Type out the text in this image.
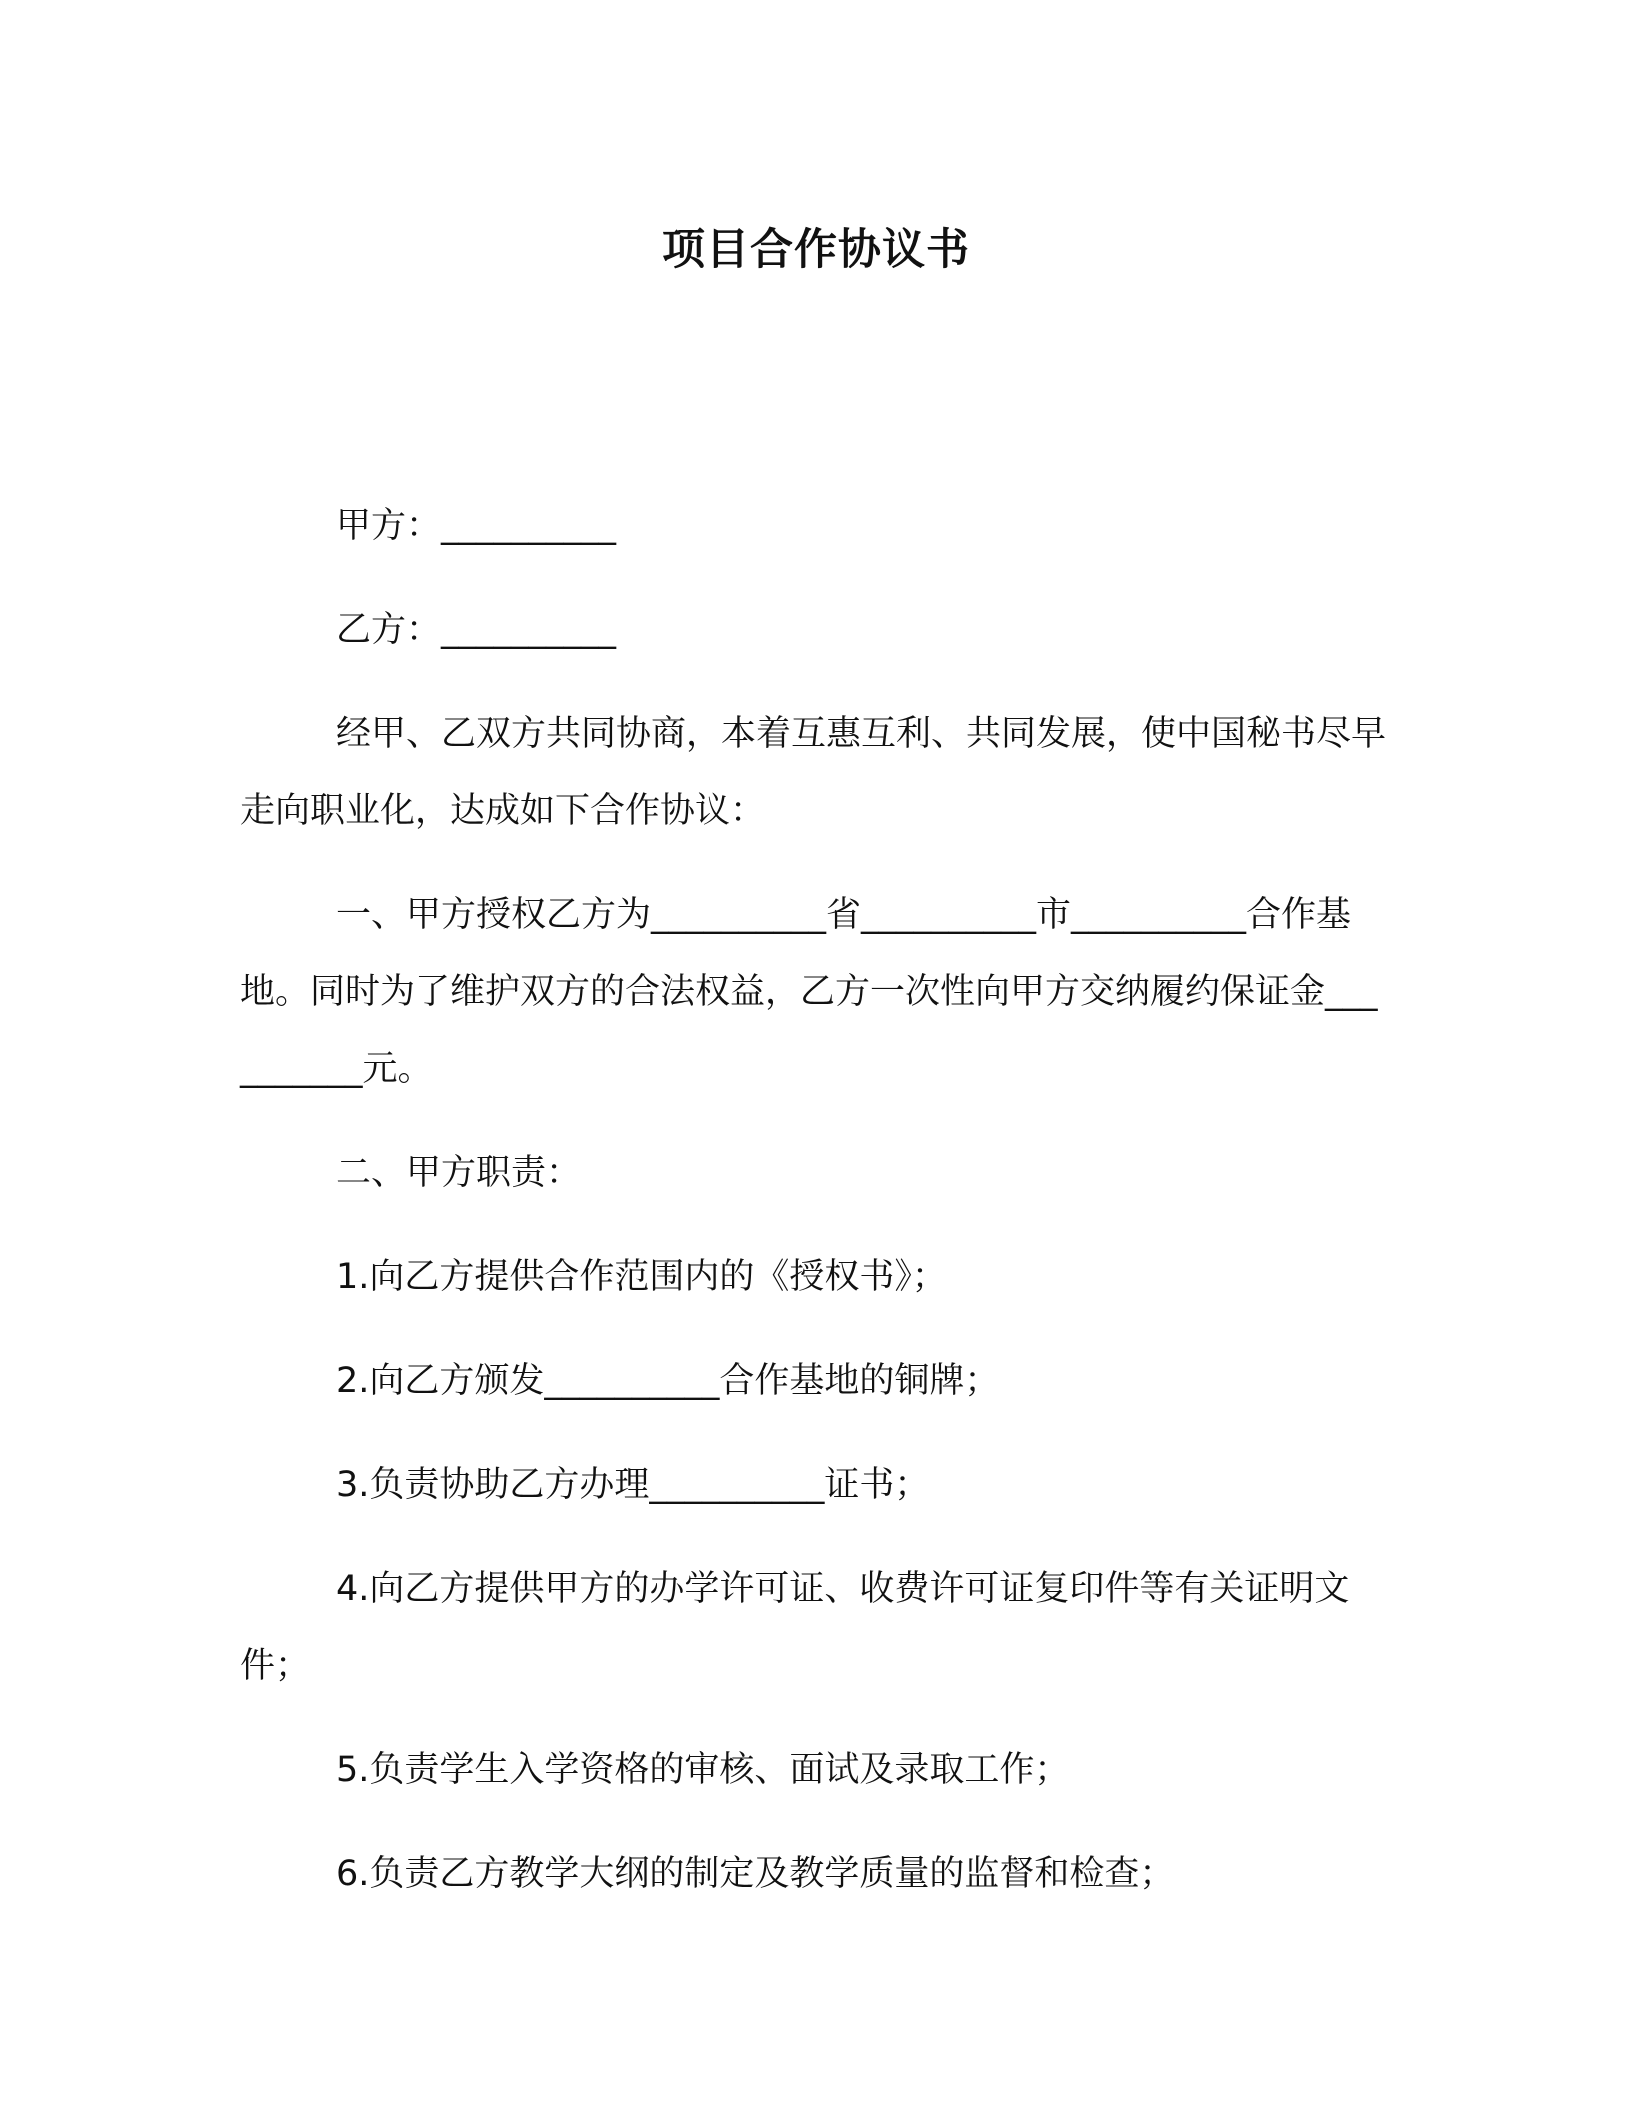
项目合作协议书

甲方：__________

乙方：__________

经甲、乙双方共同协商，本着互惠互利、共同发展，使中国秘书尽早走向职业化，达成如下合作协议：

一、甲方授权乙方为__________省__________市__________合作基地。同时为了维护双方的合法权益，乙方一次性向甲方交纳履约保证金__________元。

二、甲方职责：

1.向乙方提供合作范围内的《授权书》；

2.向乙方颁发__________合作基地的铜牌；

3.负责协助乙方办理__________证书；

4.向乙方提供甲方的办学许可证、收费许可证复印件等有关证明文件；

5.负责学生入学资格的审核、面试及录取工作；

6.负责乙方教学大纲的制定及教学质量的监督和检查；
